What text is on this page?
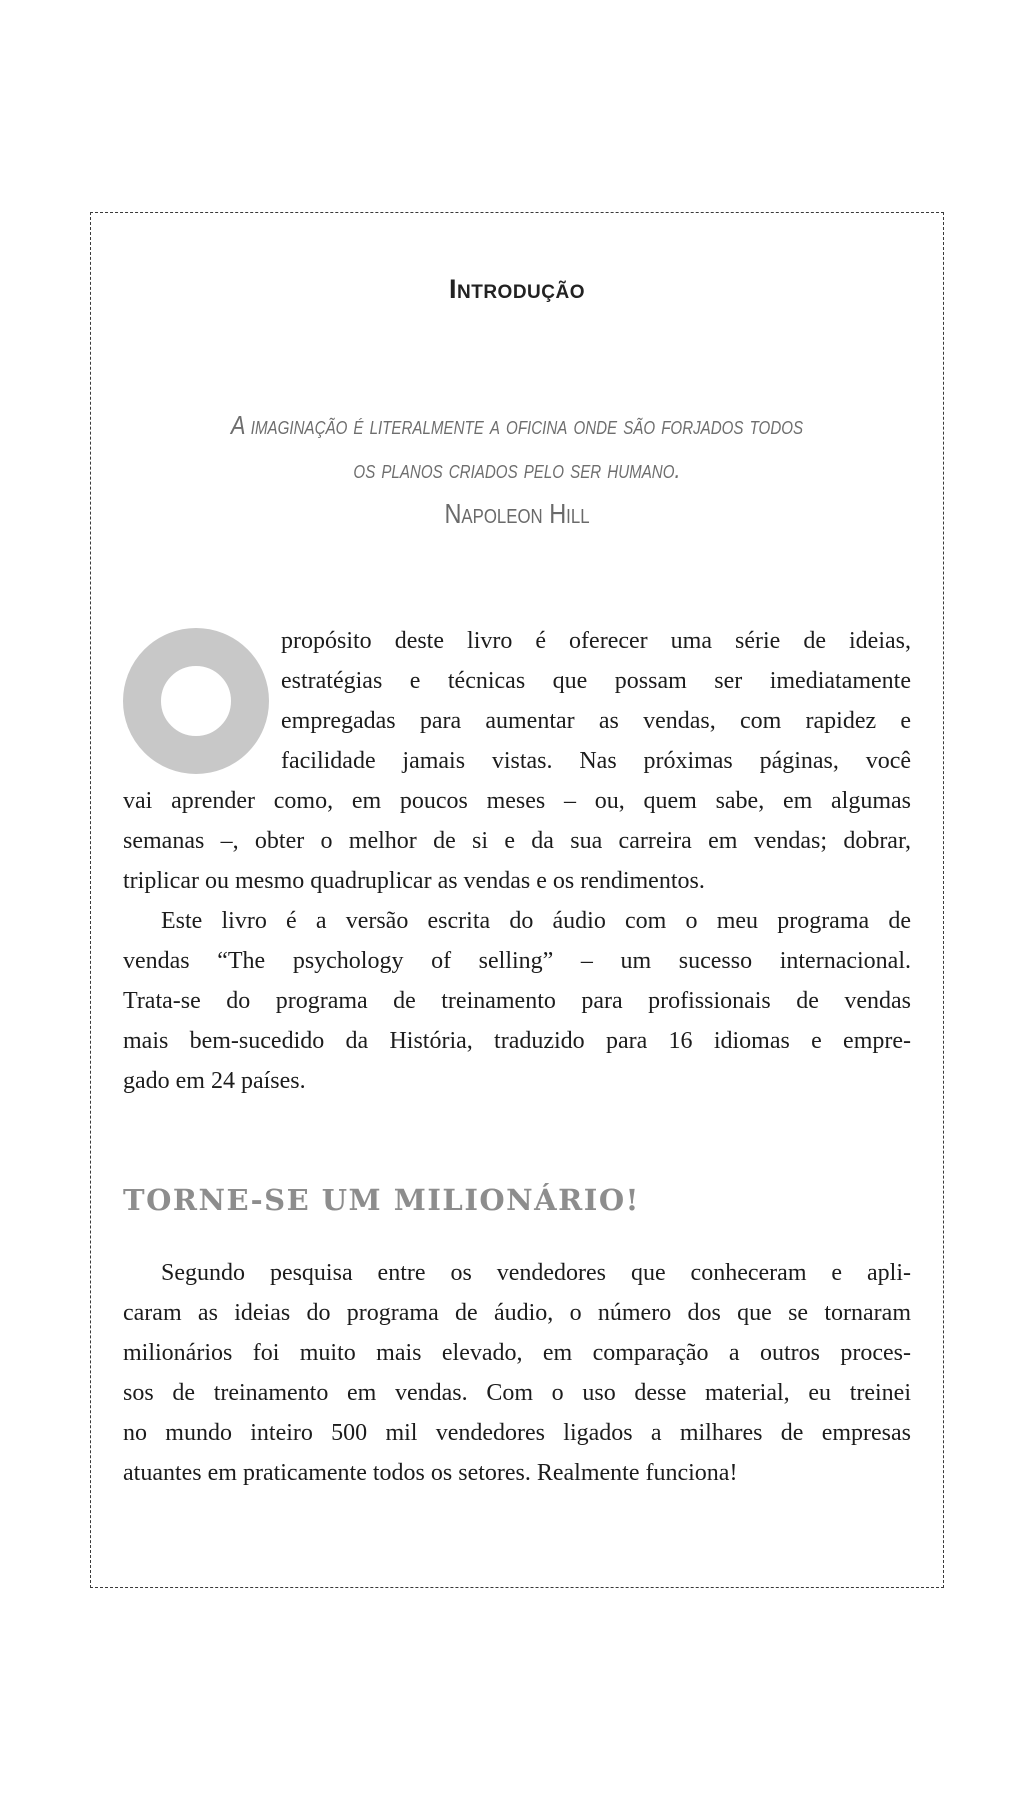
Introdução
A imaginação é literalmente a oficina onde são forjados todos
os planos criados pelo ser humano.
Napoleon Hill
propósito deste livro é oferecer uma série de ideias,
estratégias e técnicas que possam ser imediatamente
empregadas para aumentar as vendas, com rapidez e
facilidade jamais vistas. Nas próximas páginas, você
vai aprender como, em poucos meses – ou, quem sabe, em algumas
semanas –, obter o melhor de si e da sua carreira em vendas; dobrar,
triplicar ou mesmo quadruplicar as vendas e os rendimentos.
Este livro é a versão escrita do áudio com o meu programa de
vendas “The psychology of selling” – um sucesso internacional.
Trata-se do programa de treinamento para profissionais de vendas
mais bem-sucedido da História, traduzido para 16 idiomas e empre-
gado em 24 países.
TORNE-SE UM MILIONÁRIO!
Segundo pesquisa entre os vendedores que conheceram e apli-
caram as ideias do programa de áudio, o número dos que se tornaram
milionários foi muito mais elevado, em comparação a outros proces-
sos de treinamento em vendas. Com o uso desse material, eu treinei
no mundo inteiro 500 mil vendedores ligados a milhares de empresas
atuantes em praticamente todos os setores. Realmente funciona!
